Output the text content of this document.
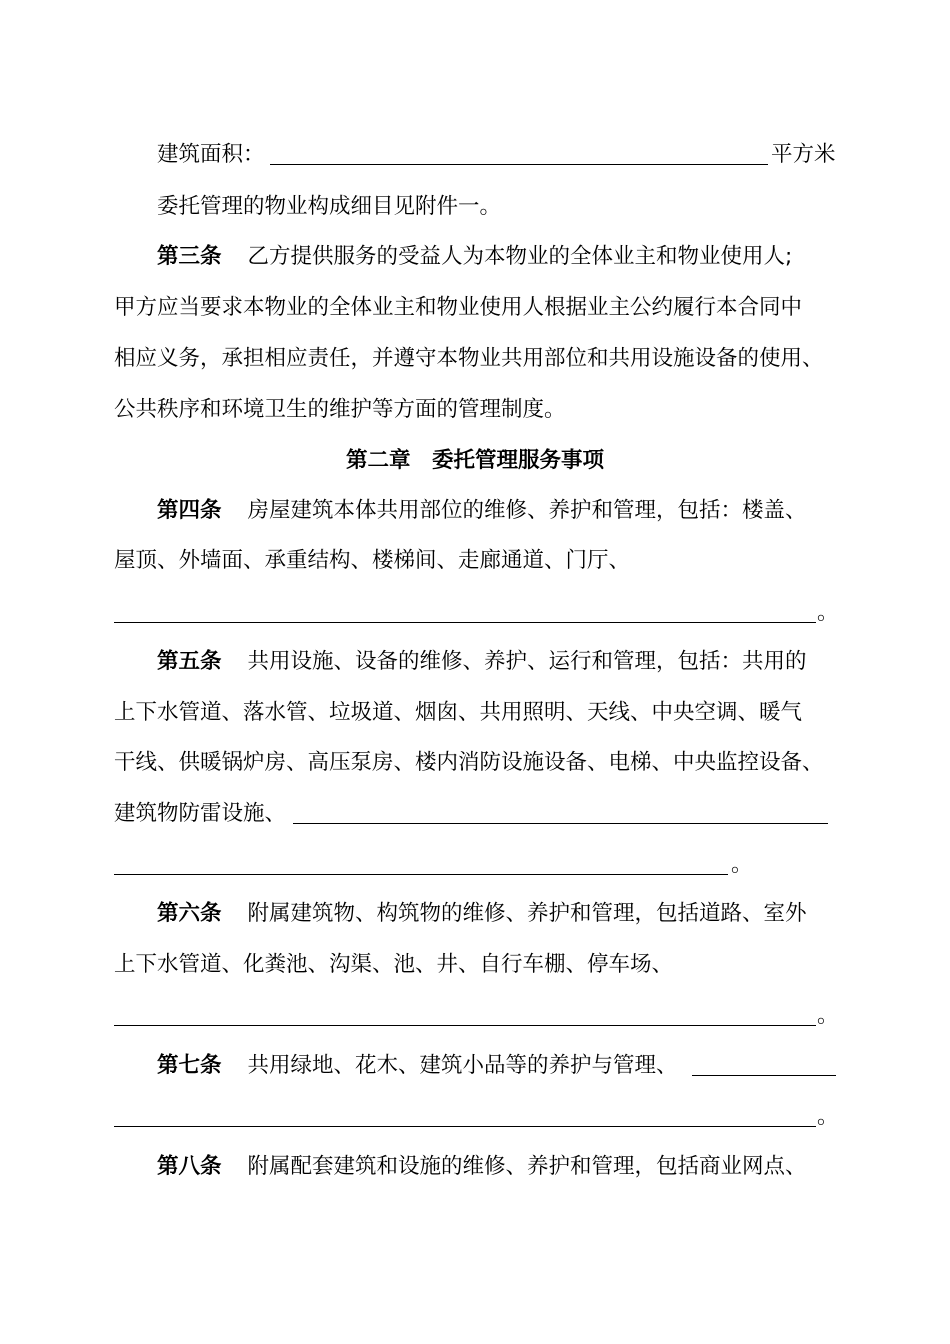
建筑面积：	平方米
委托管理的物业构成细目见附件一。
第三条 乙方提供服务的受益人为本物业的全体业主和物业使用人;
甲方应当要求本物业的全体业主和物业使用人根据业主公约履行本合同中
相应义务，承担相应责任，并遵守本物业共用部位和共用设施设备的使用、
公共秩序和环境卫生的维护等方面的管理制度。
第二章　委托管理服务事项
第四条 房屋建筑本体共用部位的维修、养护和管理，包括：楼盖、
屋顶、外墙面、承重结构、楼梯间、走廊通道、门厅、
。
第五条 共用设施、设备的维修、养护、运行和管理，包括：共用的
上下水管道、落水管、垃圾道、烟囱、共用照明、天线、中央空调、暖气
干线、供暖锅炉房、高压泵房、楼内消防设施设备、电梯、中央监控设备、
建筑物防雷设施、
。
第六条 附属建筑物、构筑物的维修、养护和管理，包括道路、室外
上下水管道、化粪池、沟渠、池、井、自行车棚、停车场、
。
第七条 共用绿地、花木、建筑小品等的养护与管理、
。
第八条 附属配套建筑和设施的维修、养护和管理，包括商业网点、
